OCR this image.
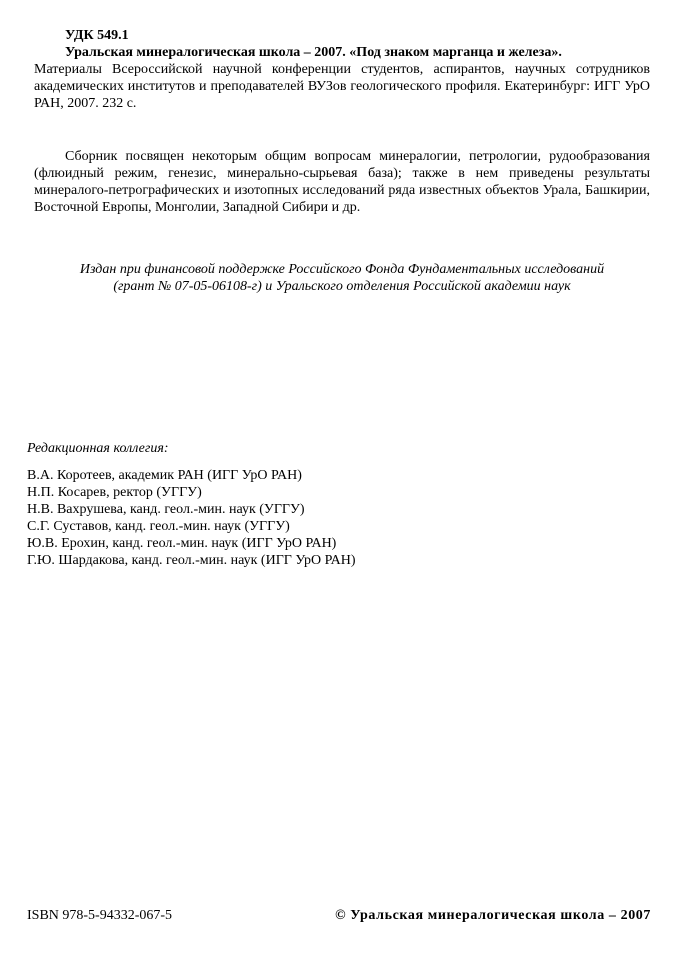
УДК 549.1
Уральская минералогическая школа – 2007. «Под знаком марганца и железа».
Материалы Всероссийской научной конференции студентов, аспирантов, научных сотрудников академических институтов и преподавателей ВУЗов геологического профиля. Екатеринбург: ИГГ УрО РАН, 2007. 232 с.

Сборник посвящен некоторым общим вопросам минералогии, петрологии, рудообразования (флюидный режим, генезис, минерально-сырьевая база); также в нем приведены результаты минералого-петрографических и изотопных исследований ряда известных объектов Урала, Башкирии, Восточной Европы, Монголии, Западной Сибири и др.

Издан при финансовой поддержке Российского Фонда Фундаментальных исследований
(грант № 07-05-06108-г) и Уральского отделения Российской академии наук
Редакционная коллегия:
В.А. Коротеев, академик РАН (ИГГ УрО РАН)
Н.П. Косарев, ректор (УГГУ)
Н.В. Вахрушева, канд. геол.-мин. наук (УГГУ)
С.Г. Суставов, канд. геол.-мин. наук (УГГУ)
Ю.В. Ерохин, канд. геол.-мин. наук (ИГГ УрО РАН)
Г.Ю. Шардакова, канд. геол.-мин. наук (ИГГ УрО РАН)
ISBN 978-5-94332-067-5	© Уральская минералогическая школа – 2007
